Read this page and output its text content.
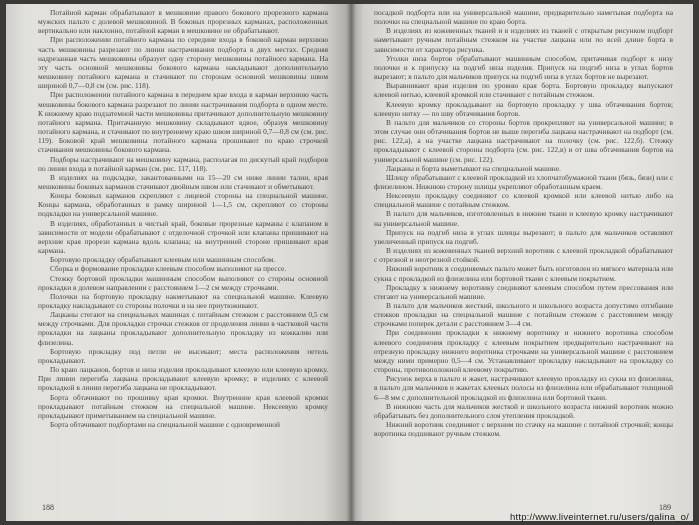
Потайной карман обрабатывают в мешковине правого бокового прорезного кармана мужских пальто с долевой мешковиной. В боковых прорезных карманах, расположенных вертикально или наклонно, потайной карман в мешковине не обрабатывают.

При расположении потайного кармана по середине входа в боковой карман верхнюю часть мешковины разрезают по линии настрачивания подборта в двух местах. Средняя надрезанная часть мешковины образует одну сторону мешковины потайного кармана. На эту часть основной мешковины бокового кармана накладывают дополнительную мешковину потайного кармана и стачивают по сторонам основной мешковины швом шириной 0,7—0,8 см (см. рис. 118).

При расположении потайного кармана в переднем крае входа в карман верхнюю часть мешковины бокового кармана разрезают по линии настрачивания подборта в одном месте. К нижнему краю подзатемной части мешковины притачивают дополнительную мешковину потайного кармана. Притачанную мешковину складывают вдвое, образуя мешковину потайного кармана, и стачивают по внутреннему краю швом шириной 0,7—0,8 см (см. рис. 119). Боковой край мешковины потайного кармана прошивают по краю строчкой стачивания мешковины бокового кармана.

Подборы настрачивают на мешковину кармана, располагая по дискутый край подборов по линии входа в потайной карман (см. рис. 117, 118).

В изделиях на подкладке, закантованными на 15—20 см ниже линии талии, края мешковины боковых карманов стачивают двойным швом или стачивают и обметывают.

Концы боковых карманов скрепляют с лицевой стороны на специальной машине. Концы кармана, обработанных в рамку шириной 1—1,5 см, скрепляют со стороны подкладки на универсальной машине.

В изделиях, обработанных в чистый край, боковые прорезные карманы с клапаном в зависимости от модели обрабатывают с отделочной строчкой или клапаны пришивают на верхние края прорези кармана вдоль клапана; на внутренней стороне пришивают края кармана.

Бортовую прокладку обрабатывают клеевым или машинным способом.

Сборка и формование прокладки клеевым способом выполняют на прессе.

Стежку бортовой прокладки машинным способом выполняют со стороны основной прокладки в долевом направлении с расстоянием 1—2 см между строчками.

Полочки на бортовую прокладку накметывают на специальной машине. Клеевую прокладку накладывают со стороны полочки и на нее приутюживают.

Лацканы стегают на специальных машинах с потайным стежком с расстоянием 0,5 см между строчками. Для прокладки строчки стежков от проделения линии в частковой части прокладки на лацканы прокладывают дополнительную прокладку из кожкалин или флизелина.

Бортовую прокладку под петли не высекают; места расположения петель прокладывают.

По краю лацканов, бортов и низа изделия прокладывают клеевую или клеевую кромку. При линии перегиба лацкана прокладывают клеевую кромку; в изделиях с клеевой прокладкой в линии перегиба лацкана не прокладывают.

Борта обтачивают по прошивку края кромки. Внутренние края клеевой кромки прокладывают потайным стежком на специальной машине. Нексеевую кромку прокладывают приметыванием на специальной машине.

Борта обтачивают подбортами на специальной машине с одновременной

188

посадкой подборта или на универсальной машине, предварительно наметывая подборта на полочки на специальной машине по краю борта.

В изделиях из кожевенных тканей и в изделиях из тканей с открытым рисунком подборт наметывают ручным потайным стежком на участке лацкана или по всей длине борта в зависимости от характера рисунка.

Уголки низа бортов обрабатывают машинным способом, притачивая подборт к низу полочки и к припуску на подгиб низа изделия. Припуск на подгиб низа в углах бортов вырезают; в пальто для мальчиков припуск на подгиб низа в углах бортов не вырезают.

Выравнивают края изделия по уровню края борта. Бортовую прокладку выпускают клеевой нитью, клеевой кромкой или стачивают с потайным стежком.

Клеевую кромку прокладывают на бортовую прокладку у шва обтачивания бортов; клеевую нитку — по шву обтачивания бортов.

В пальто для мальчиков со стороны бортов прокрепляют на универсальной машине; в этом случае они обтачивания бортов не выше перегиба лацкана настрачивают на подборт (см. рис. 122,а), а на участке лацкана настрачивают на полочку (см. рис. 122,б). Стежку прокладывают с клеевой стороны подборта (см. рис. 122,в) и от шва обтачивания бортов на универсальной машине (см. рис. 122).

Лацканы и борта выметывают на специальной машине.

Шлицу обрабатывают с клеевой прокладкой из хлопчатобумажной ткани (бязь, бязи) или с флизелином. Нижнюю сторону шлицы укрепляют обработанным краем.

Нексеевую прокладку соединяют со клеевой кромкой или клеевой нитью либо на специальной машине с потайным стежком.

В пальто для мальчиков, изготовленных в нижние ткани и клеевую кромку настрачивают на универсальной машине.

Припуск на подгиб низа в углах шлицы вырезают; в пальто для мальчиков оставляют увеличенный припуск на подгиб.

В изделиях из кожевенных тканей верхний воротник с клеевой прокладкой обрабатывают с отрезной и неотрезной стойкой.

Нижний воротник в соединяемых пальто может быть изготовлен из мягкого материала или сукна с прокладкой из флизелина или бортовой ткани с клеевым покрытием.

Прокладку к нижнему воротнику соединяют клеевым способом путем прессования или стегают на универсальной машине.

В пальто для мальчиков жесткий, школьного и школьного возраста допустимо отгибание стежков прокладки на специальной машине с потайным стежком с расстоянием между строчками поперек детали с расстоянием 3—4 см.

При соединении прокладки к нижнему воротнику и нижнего воротника способом клеевого соединения прокладку с клеевым покрытием предварительно настрачивают на отрезную прокладку нижнего воротника строчками на универсальной машине с расстоянием между ними примерно 0,5—4 см. Устанавливают прокладку накладывают на прокладку со стороны, противоположной клеевому покрытию.

Рисунок верха в пальто и жакет, настрачивают клеевую прокладку из сукна из флизелина, в пальто для мальчиков и жакетах клеевых полосы из флизелина или обрабатывают толщиной 6—8 мм с дополнительной прокладкой из флизелина или бортовой ткани.

В нижнюю часть для мальчиков жесткой и школьного возраста нижний воротник можно обрабатывать без дополнительного слоя утепления прокладкой.

Нижний воротник соединяют с верхним по стачку на машине с потайной строчкой; концы воротника подшивают ручным стежком.

189
http://www.liveinternet.ru/users/galina_o/
